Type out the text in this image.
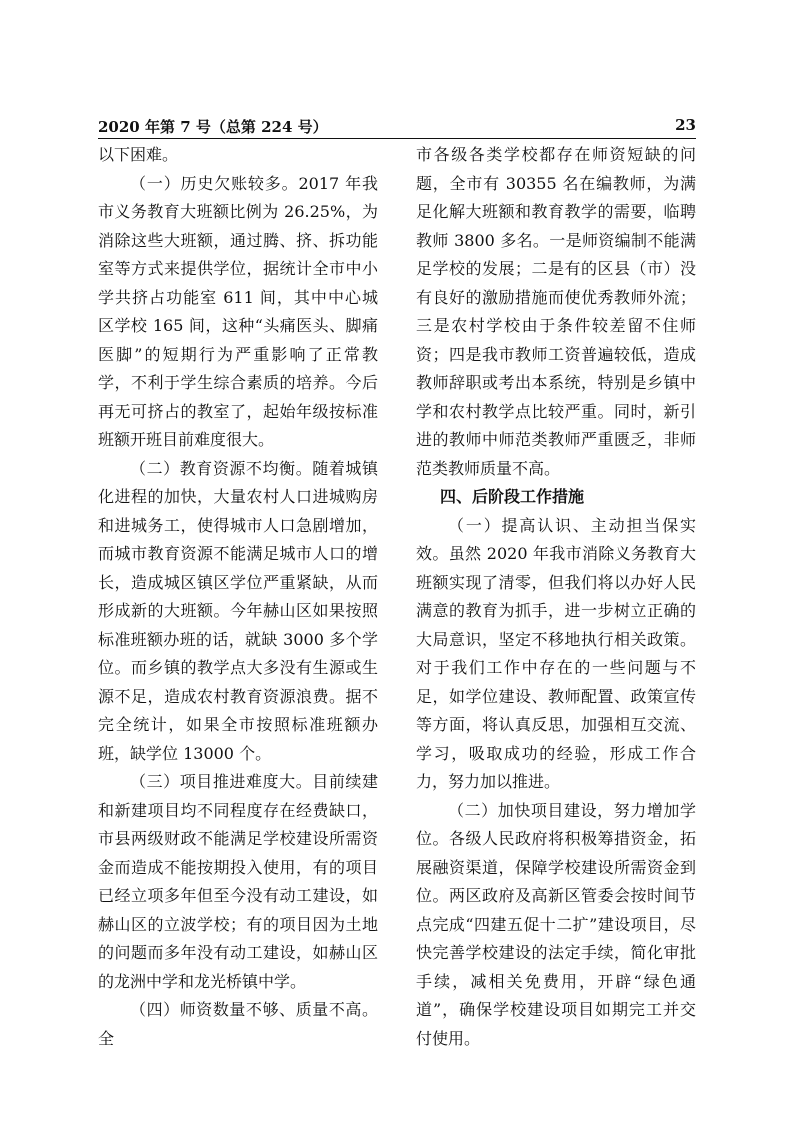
2020 年第 7 号（总第 224 号）	23

以下困难。

（一）历史欠账较多。2017 年我市义务教育大班额比例为 26.25%，为消除这些大班额，通过腾、挤、拆功能室等方式来提供学位，据统计全市中小学共挤占功能室 611 间，其中中心城区学校 165 间，这种“头痛医头、脚痛医脚”的短期行为严重影响了正常教学，不利于学生综合素质的培养。今后再无可挤占的教室了，起始年级按标准班额开班目前难度很大。

（二）教育资源不均衡。随着城镇化进程的加快，大量农村人口进城购房和进城务工，使得城市人口急剧增加，而城市教育资源不能满足城市人口的增长，造成城区镇区学位严重紧缺，从而形成新的大班额。今年赫山区如果按照标准班额办班的话，就缺 3000 多个学位。而乡镇的教学点大多没有生源或生源不足，造成农村教育资源浪费。据不完全统计，如果全市按照标准班额办班，缺学位 13000 个。

（三）项目推进难度大。目前续建和新建项目均不同程度存在经费缺口，市县两级财政不能满足学校建设所需资金而造成不能按期投入使用，有的项目已经立项多年但至今没有动工建设，如赫山区的立波学校；有的项目因为土地的问题而多年没有动工建设，如赫山区的龙洲中学和龙光桥镇中学。

（四）师资数量不够、质量不高。全

市各级各类学校都存在师资短缺的问题，全市有 30355 名在编教师，为满足化解大班额和教育教学的需要，临聘教师 3800 多名。一是师资编制不能满足学校的发展；二是有的区县（市）没有良好的激励措施而使优秀教师外流；三是农村学校由于条件较差留不住师资；四是我市教师工资普遍较低，造成教师辞职或考出本系统，特别是乡镇中学和农村教学点比较严重。同时，新引进的教师中师范类教师严重匮乏，非师范类教师质量不高。

四、后阶段工作措施

（一）提高认识、主动担当保实效。虽然 2020 年我市消除义务教育大班额实现了清零，但我们将以办好人民满意的教育为抓手，进一步树立正确的大局意识，坚定不移地执行相关政策。对于我们工作中存在的一些问题与不足，如学位建设、教师配置、政策宣传等方面，将认真反思，加强相互交流、学习，吸取成功的经验，形成工作合力，努力加以推进。

（二）加快项目建设，努力增加学位。各级人民政府将积极筹措资金，拓展融资渠道，保障学校建设所需资金到位。两区政府及高新区管委会按时间节点完成“四建五促十二扩”建设项目，尽快完善学校建设的法定手续，简化审批手续，减相关免费用，开辟“绿色通道”，确保学校建设项目如期完工并交付使用。
